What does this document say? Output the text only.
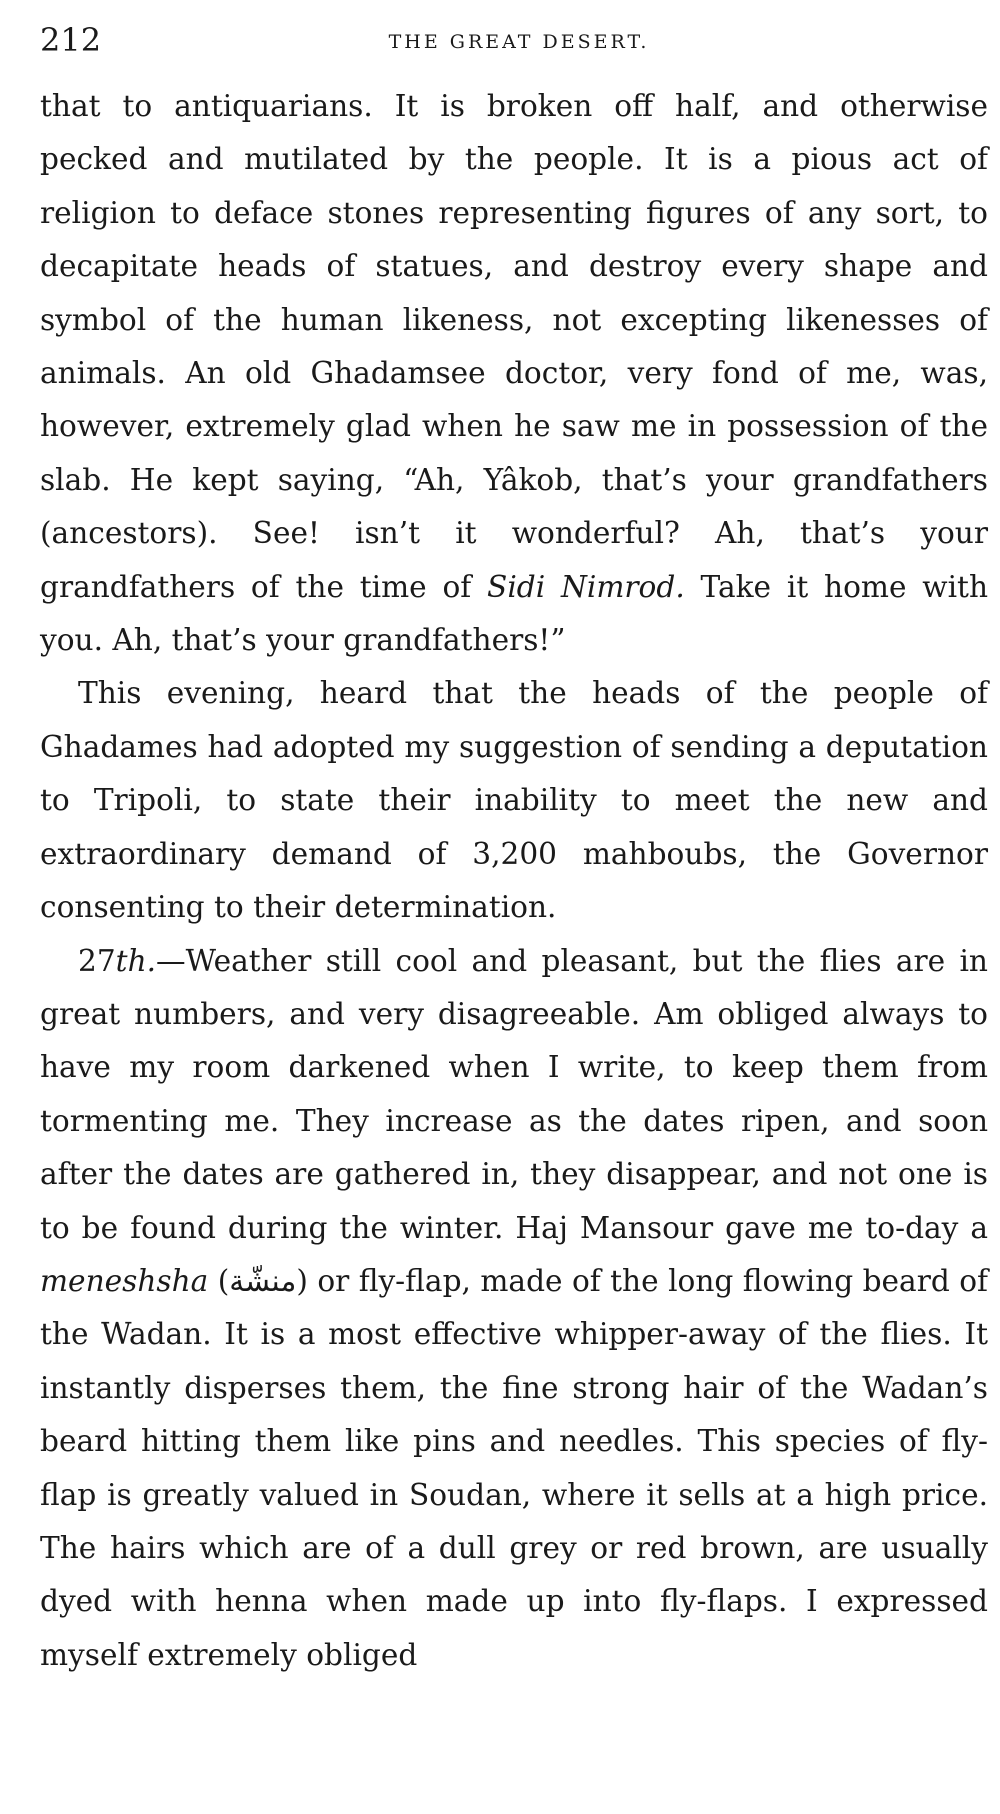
212	THE GREAT DESERT.

that to antiquarians. It is broken off half, and otherwise pecked and mutilated by the people. It is a pious act of religion to deface stones representing figures of any sort, to decapitate heads of statues, and destroy every shape and symbol of the human likeness, not excepting likenesses of animals. An old Ghadamsee doctor, very fond of me, was, however, extremely glad when he saw me in possession of the slab. He kept saying, “Ah, Yâkob, that’s your grandfathers (ancestors). See! isn’t it wonderful? Ah, that’s your grandfathers of the time of Sidi Nimrod. Take it home with you. Ah, that’s your grandfathers!”

This evening, heard that the heads of the people of Ghadames had adopted my suggestion of sending a deputation to Tripoli, to state their inability to meet the new and extraordinary demand of 3,200 mahboubs, the Governor consenting to their determination.

27th.—Weather still cool and pleasant, but the flies are in great numbers, and very disagreeable. Am obliged always to have my room darkened when I write, to keep them from tormenting me. They increase as the dates ripen, and soon after the dates are gathered in, they disappear, and not one is to be found during the winter. Haj Mansour gave me to-day a meneshsha (منشّة) or fly-flap, made of the long flowing beard of the Wadan. It is a most effective whipper-away of the flies. It instantly disperses them, the fine strong hair of the Wadan’s beard hitting them like pins and needles. This species of fly-flap is greatly valued in Soudan, where it sells at a high price. The hairs which are of a dull grey or red brown, are usually dyed with henna when made up into fly-flaps. I expressed myself extremely obliged
